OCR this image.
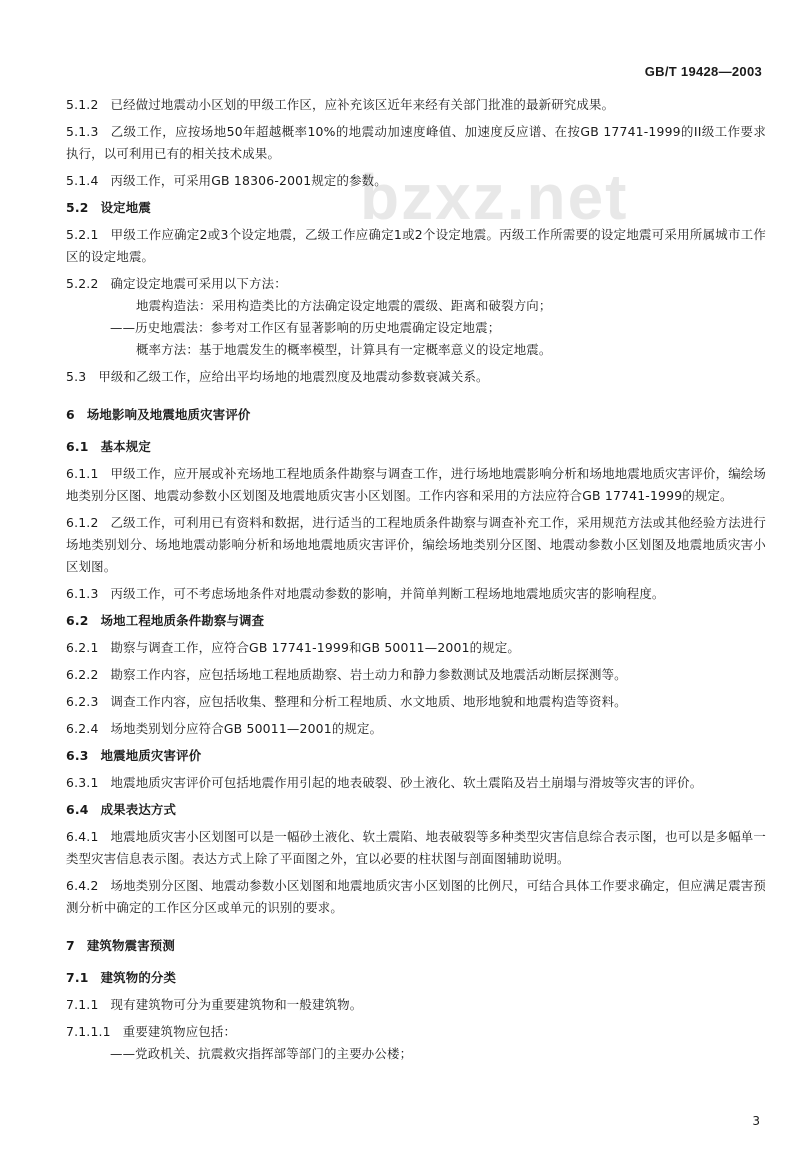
GB/T 19428—2003
bzxz.net

5.1.2 已经做过地震动小区划的甲级工作区，应补充该区近年来经有关部门批准的最新研究成果。

5.1.3 乙级工作，应按场地50年超越概率10%的地震动加速度峰值、加速度反应谱、在按GB 17741-1999的II级工作要求执行，以可利用已有的相关技术成果。

5.1.4 丙级工作，可采用GB 18306-2001规定的参数。

5.2 设定地震

5.2.1 甲级工作应确定2或3个设定地震，乙级工作应确定1或2个设定地震。丙级工作所需要的设定地震可采用所属城市工作区的设定地震。

5.2.2 确定设定地震可采用以下方法：

地震构造法：采用构造类比的方法确定设定地震的震级、距离和破裂方向；

——历史地震法：参考对工作区有显著影响的历史地震确定设定地震；

概率方法：基于地震发生的概率模型，计算具有一定概率意义的设定地震。

5.3 甲级和乙级工作，应给出平均场地的地震烈度及地震动参数衰减关系。

6 场地影响及地震地质灾害评价

6.1 基本规定

6.1.1 甲级工作，应开展或补充场地工程地质条件勘察与调查工作，进行场地地震影响分析和场地地震地质灾害评价，编绘场地类别分区图、地震动参数小区划图及地震地质灾害小区划图。工作内容和采用的方法应符合GB 17741-1999的规定。

6.1.2 乙级工作，可利用已有资料和数据，进行适当的工程地质条件勘察与调查补充工作，采用规范方法或其他经验方法进行场地类别划分、场地地震动影响分析和场地地震地质灾害评价，编绘场地类别分区图、地震动参数小区划图及地震地质灾害小区划图。

6.1.3 丙级工作，可不考虑场地条件对地震动参数的影响，并简单判断工程场地地震地质灾害的影响程度。

6.2 场地工程地质条件勘察与调查

6.2.1 勘察与调查工作，应符合GB 17741-1999和GB 50011—2001的规定。

6.2.2 勘察工作内容，应包括场地工程地质勘察、岩土动力和静力参数测试及地震活动断层探测等。

6.2.3 调查工作内容，应包括收集、整理和分析工程地质、水文地质、地形地貌和地震构造等资料。

6.2.4 场地类别划分应符合GB 50011—2001的规定。

6.3 地震地质灾害评价

6.3.1 地震地质灾害评价可包括地震作用引起的地表破裂、砂土液化、软土震陷及岩土崩塌与滑坡等灾害的评价。

6.4 成果表达方式

6.4.1 地震地质灾害小区划图可以是一幅砂土液化、软土震陷、地表破裂等多种类型灾害信息综合表示图，也可以是多幅单一类型灾害信息表示图。表达方式上除了平面图之外，宜以必要的柱状图与剖面图辅助说明。

6.4.2 场地类别分区图、地震动参数小区划图和地震地质灾害小区划图的比例尺，可结合具体工作要求确定，但应满足震害预测分析中确定的工作区分区或单元的识别的要求。

7 建筑物震害预测

7.1 建筑物的分类

7.1.1 现有建筑物可分为重要建筑物和一般建筑物。

7.1.1.1 重要建筑物应包括：

——党政机关、抗震救灾指挥部等部门的主要办公楼；

3
